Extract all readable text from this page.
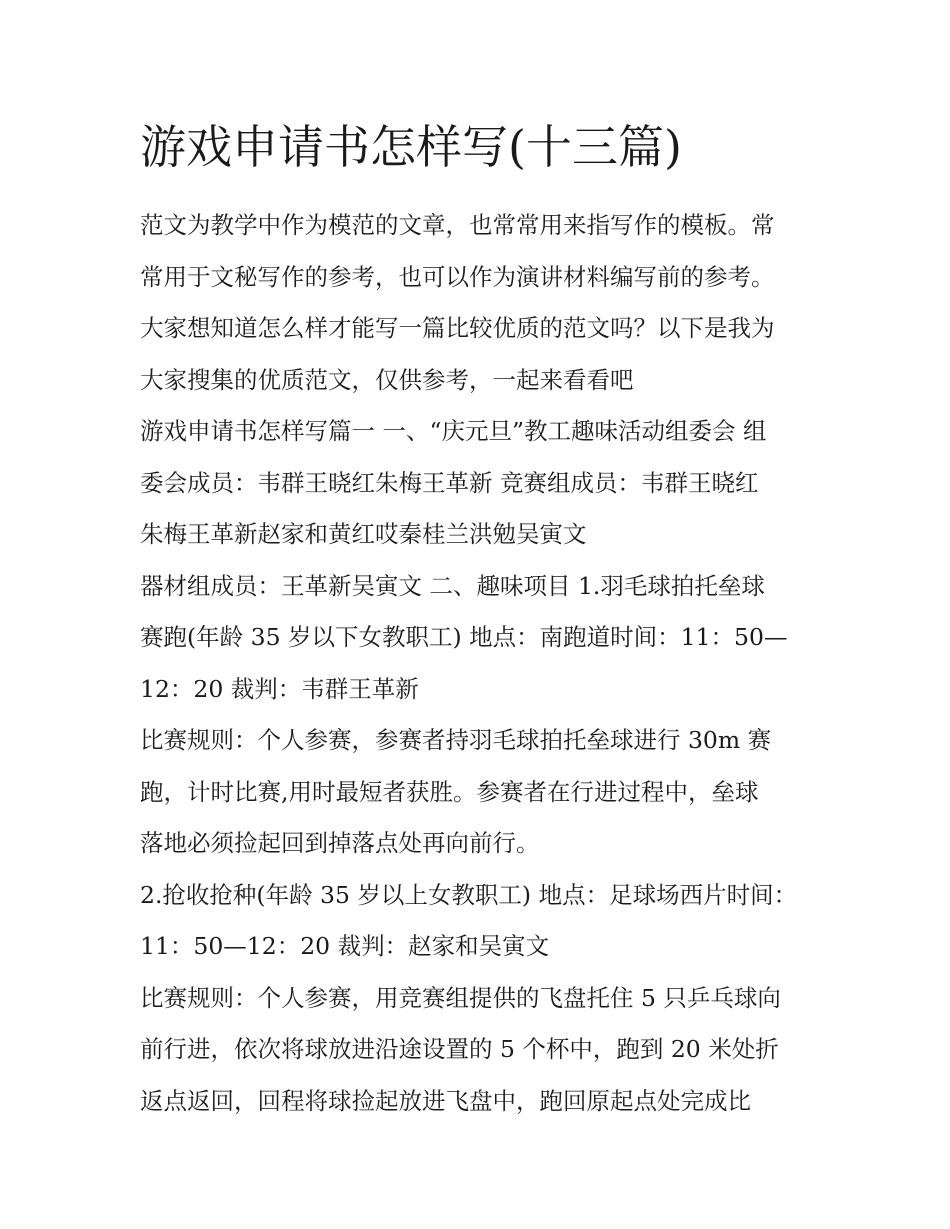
游戏申请书怎样写(十三篇)
范文为教学中作为模范的文章，也常常用来指写作的模板。常
常用于文秘写作的参考，也可以作为演讲材料编写前的参考。
大家想知道怎么样才能写一篇比较优质的范文吗？以下是我为
大家搜集的优质范文，仅供参考，一起来看看吧
游戏申请书怎样写篇一 一、“庆元旦”教工趣味活动组委会 组
委会成员：韦群王晓红朱梅王革新 竞赛组成员：韦群王晓红
朱梅王革新赵家和黄红哎秦桂兰洪勉吴寅文
器材组成员：王革新吴寅文 二、趣味项目 1.羽毛球拍托垒球
赛跑(年龄 35 岁以下女教职工) 地点：南跑道时间：11：50—
12：20 裁判：韦群王革新
比赛规则：个人参赛，参赛者持羽毛球拍托垒球进行 30m 赛
跑，计时比赛,用时最短者获胜。参赛者在行进过程中，垒球
落地必须捡起回到掉落点处再向前行。
2.抢收抢种(年龄 35 岁以上女教职工) 地点：足球场西片时间：
11：50—12：20 裁判：赵家和吴寅文
比赛规则：个人参赛，用竞赛组提供的飞盘托住 5 只乒乓球向
前行进，依次将球放进沿途设置的 5 个杯中，跑到 20 米处折
返点返回，回程将球捡起放进飞盘中，跑回原起点处完成比
